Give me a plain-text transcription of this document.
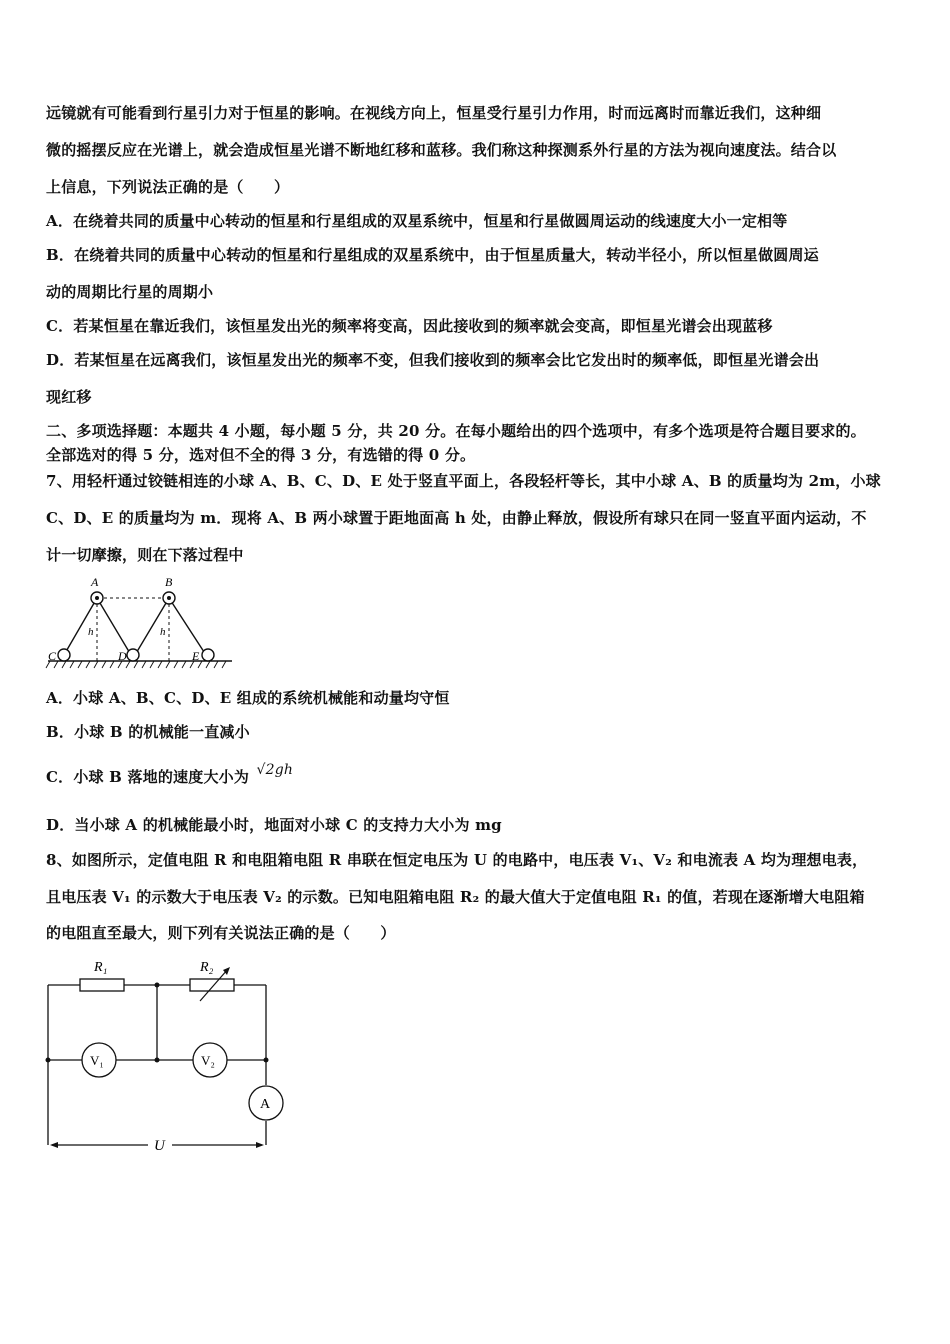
远镜就有可能看到行星引力对于恒星的影响。在视线方向上，恒星受行星引力作用，时而远离时而靠近我们，这种细
微的摇摆反应在光谱上，就会造成恒星光谱不断地红移和蓝移。我们称这种探测系外行星的方法为视向速度法。结合以
上信息，下列说法正确的是（　　）
A．在绕着共同的质量中心转动的恒星和行星组成的双星系统中，恒星和行星做圆周运动的线速度大小一定相等
B．在绕着共同的质量中心转动的恒星和行星组成的双星系统中，由于恒星质量大，转动半径小，所以恒星做圆周运
动的周期比行星的周期小
C．若某恒星在靠近我们，该恒星发出光的频率将变高，因此接收到的频率就会变高，即恒星光谱会出现蓝移
D．若某恒星在远离我们，该恒星发出光的频率不变，但我们接收到的频率会比它发出时的频率低，即恒星光谱会出
现红移
二、多项选择题：本题共 4 小题，每小题 5 分，共 20 分。在每小题给出的四个选项中，有多个选项是符合题目要求的。
全部选对的得 5 分，选对但不全的得 3 分，有选错的得 0 分。
7、用轻杆通过铰链相连的小球 A、B、C、D、E 处于竖直平面上，各段轻杆等长，其中小球 A、B 的质量均为 2m，小球
C、D、E 的质量均为 m．现将 A、B 两小球置于距地面高 h 处，由静止释放，假设所有球只在同一竖直平面内运动，不
计一切摩擦，则在下落过程中
A	B
C	D	E
h	h
A．小球 A、B、C、D、E 组成的系统机械能和动量均守恒
B．小球 B 的机械能一直减小
C．小球 B 落地的速度大小为 √2gh
D．当小球 A 的机械能最小时，地面对小球 C 的支持力大小为 mg
8、如图所示，定值电阻 R 和电阻箱电阻 R 串联在恒定电压为 U 的电路中，电压表 V₁、V₂ 和电流表 A 均为理想电表，
且电压表 V₁ 的示数大于电压表 V₂ 的示数。已知电阻箱电阻 R₂ 的最大值大于定值电阻 R₁ 的值，若现在逐渐增大电阻箱
的电阻直至最大，则下列有关说法正确的是（　　）
R₁	R₂
V₁	V₂
A
U
